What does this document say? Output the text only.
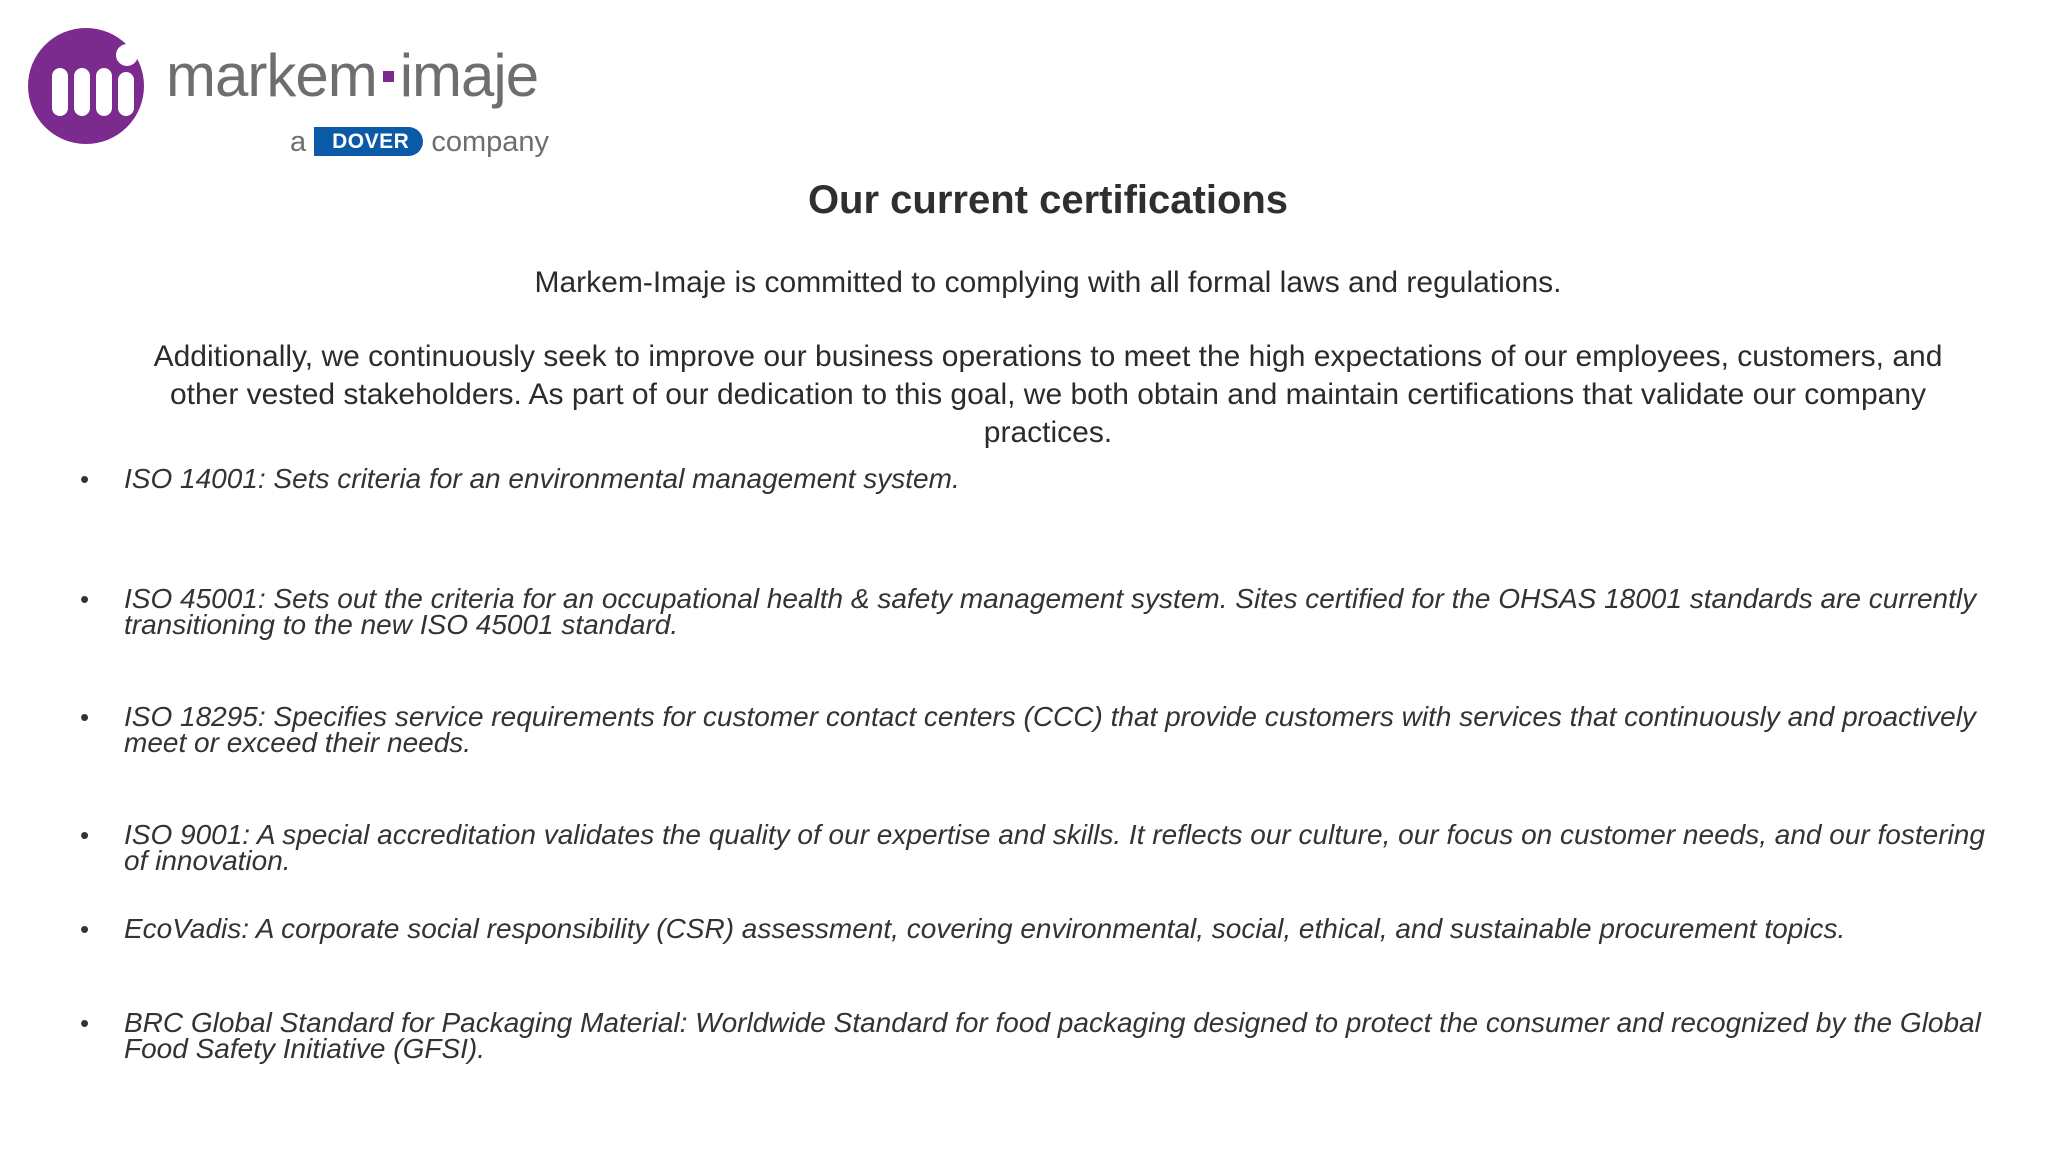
markem imaje
a DOVER company
Our current certifications

Markem-Imaje is committed to complying with all formal laws and regulations.

Additionally, we continuously seek to improve our business operations to meet the high expectations of our employees, customers, and other vested stakeholders. As part of our dedication to this goal, we both obtain and maintain certifications that validate our company practices.

• ISO 14001: Sets criteria for an environmental management system.
• ISO 45001: Sets out the criteria for an occupational health & safety management system. Sites certified for the OHSAS 18001 standards are currently transitioning to the new ISO 45001 standard.
• ISO 18295: Specifies service requirements for customer contact centers (CCC) that provide customers with services that continuously and proactively meet or exceed their needs.
• ISO 9001: A special accreditation validates the quality of our expertise and skills. It reflects our culture, our focus on customer needs, and our fostering of innovation.
• EcoVadis: A corporate social responsibility (CSR) assessment, covering environmental, social, ethical, and sustainable procurement topics.
• BRC Global Standard for Packaging Material: Worldwide Standard for food packaging designed to protect the consumer and recognized by the Global Food Safety Initiative (GFSI).
